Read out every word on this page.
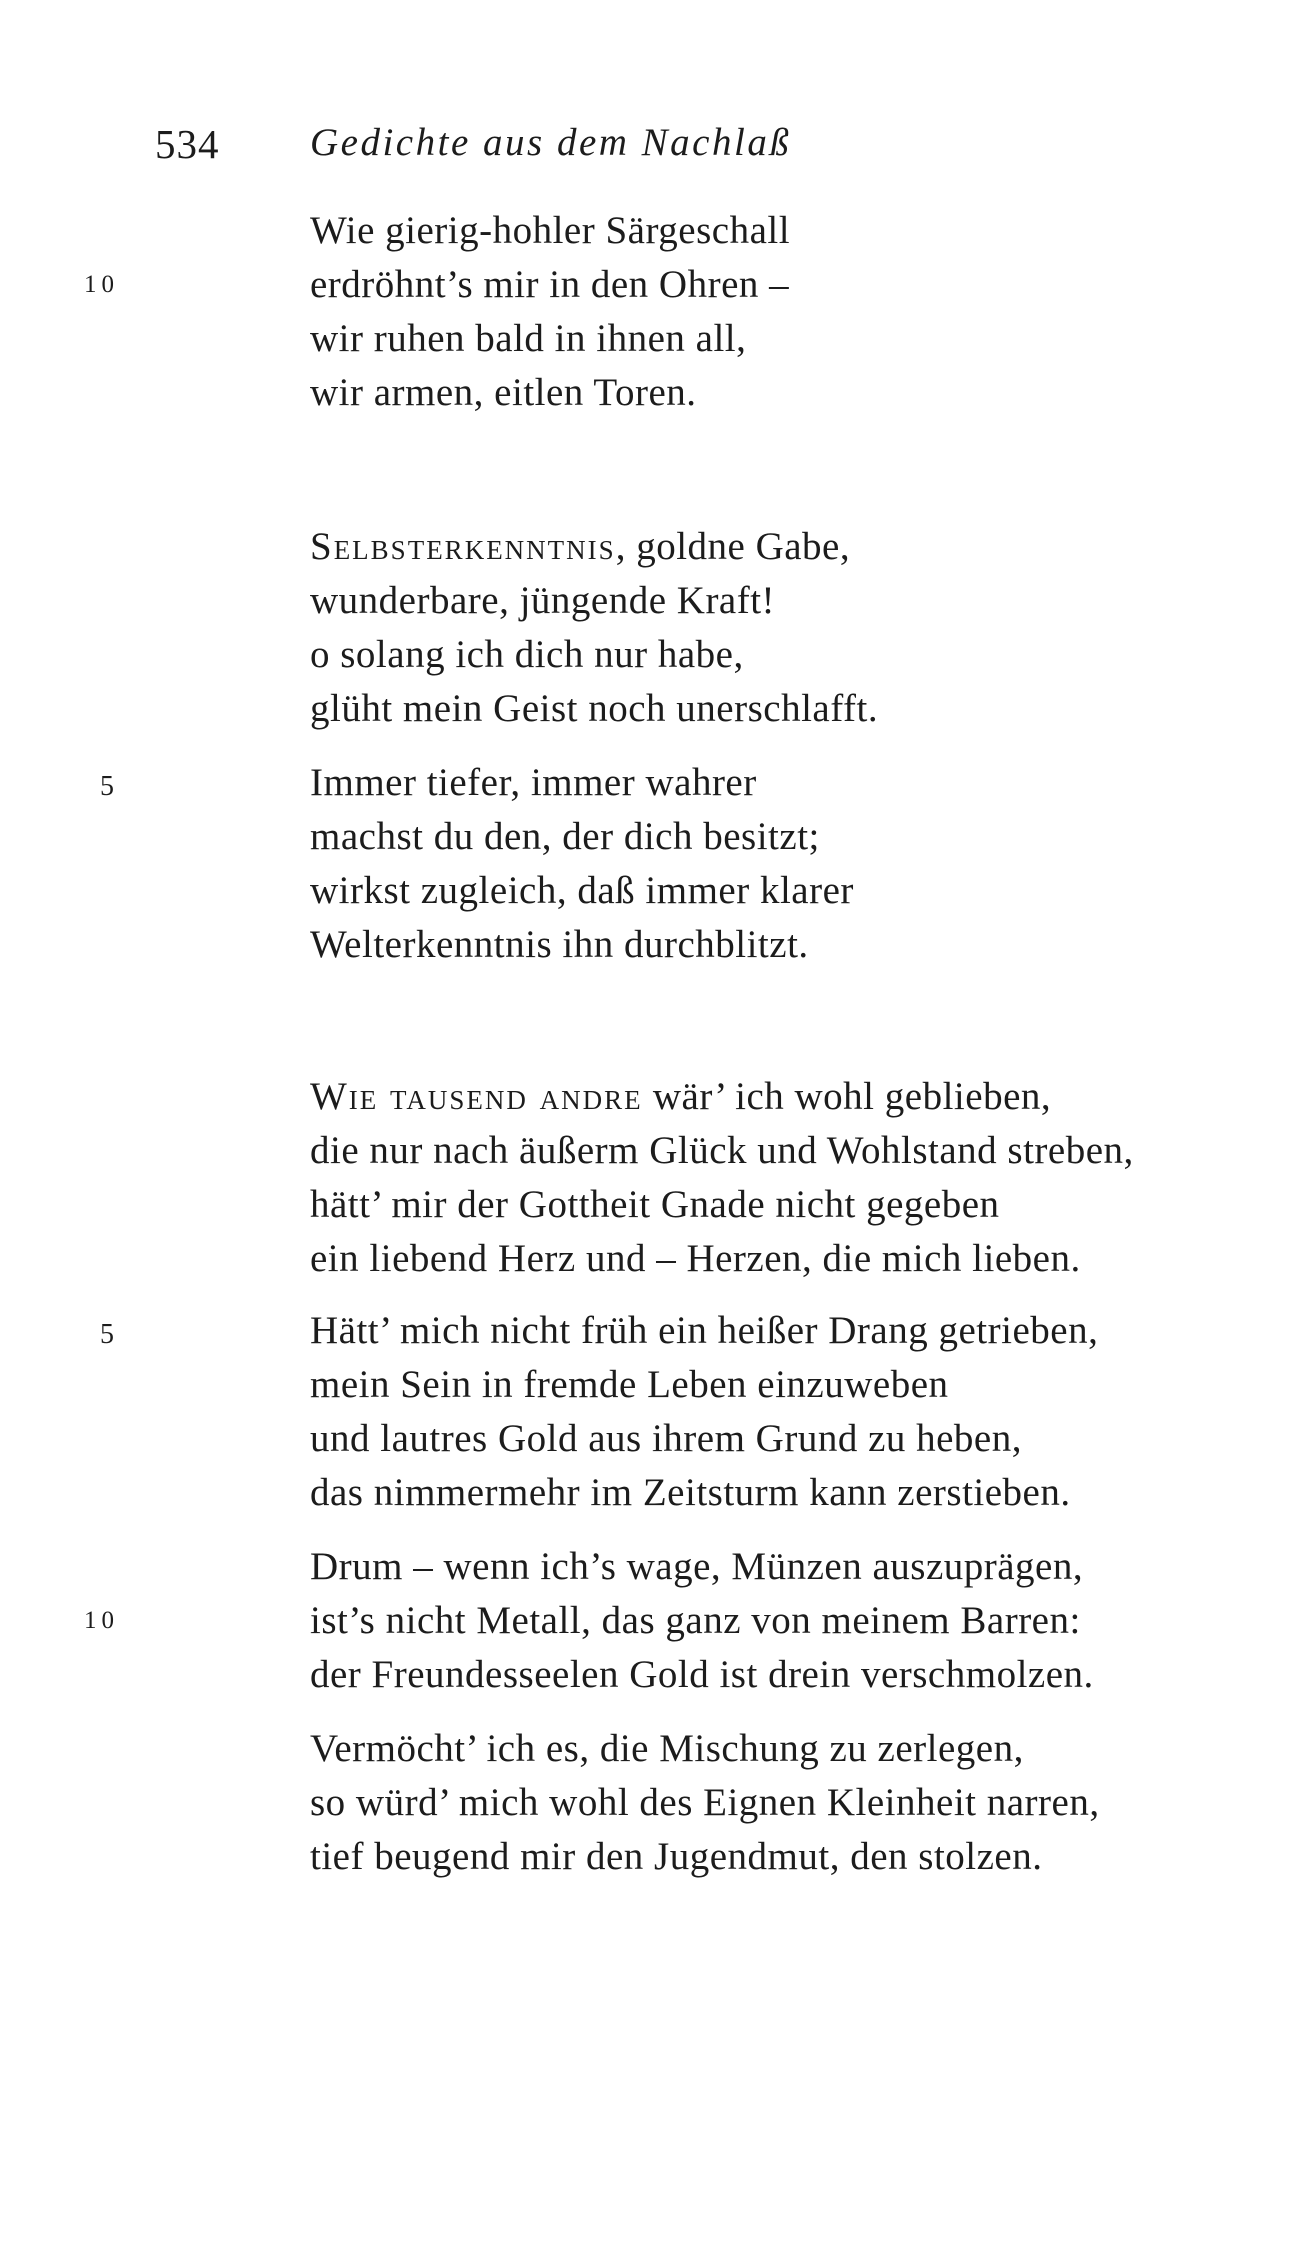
534 Gedichte aus dem Nachlaß
Wie gierig-hohler Särgeschall
erdröhnt’s mir in den Ohren –
wir ruhen bald in ihnen all,
wir armen, eitlen Toren.
10
Selbsterkenntnis, goldne Gabe,
wunderbare, jüngende Kraft!
o solang ich dich nur habe,
glüht mein Geist noch unerschlafft.
Immer tiefer, immer wahrer
machst du den, der dich besitzt;
wirkst zugleich, daß immer klarer
Welterkenntnis ihn durchblitzt.
5
Wie tausend andre wär’ ich wohl geblieben,
die nur nach äußerm Glück und Wohlstand streben,
hätt’ mir der Gottheit Gnade nicht gegeben
ein liebend Herz und – Herzen, die mich lieben.
Hätt’ mich nicht früh ein heißer Drang getrieben,
mein Sein in fremde Leben einzuweben
und lautres Gold aus ihrem Grund zu heben,
das nimmermehr im Zeitsturm kann zerstieben.
5
Drum – wenn ich’s wage, Münzen auszuprägen,
ist’s nicht Metall, das ganz von meinem Barren:
der Freundesseelen Gold ist drein verschmolzen.
10
Vermöcht’ ich es, die Mischung zu zerlegen,
so würd’ mich wohl des Eignen Kleinheit narren,
tief beugend mir den Jugendmut, den stolzen.
